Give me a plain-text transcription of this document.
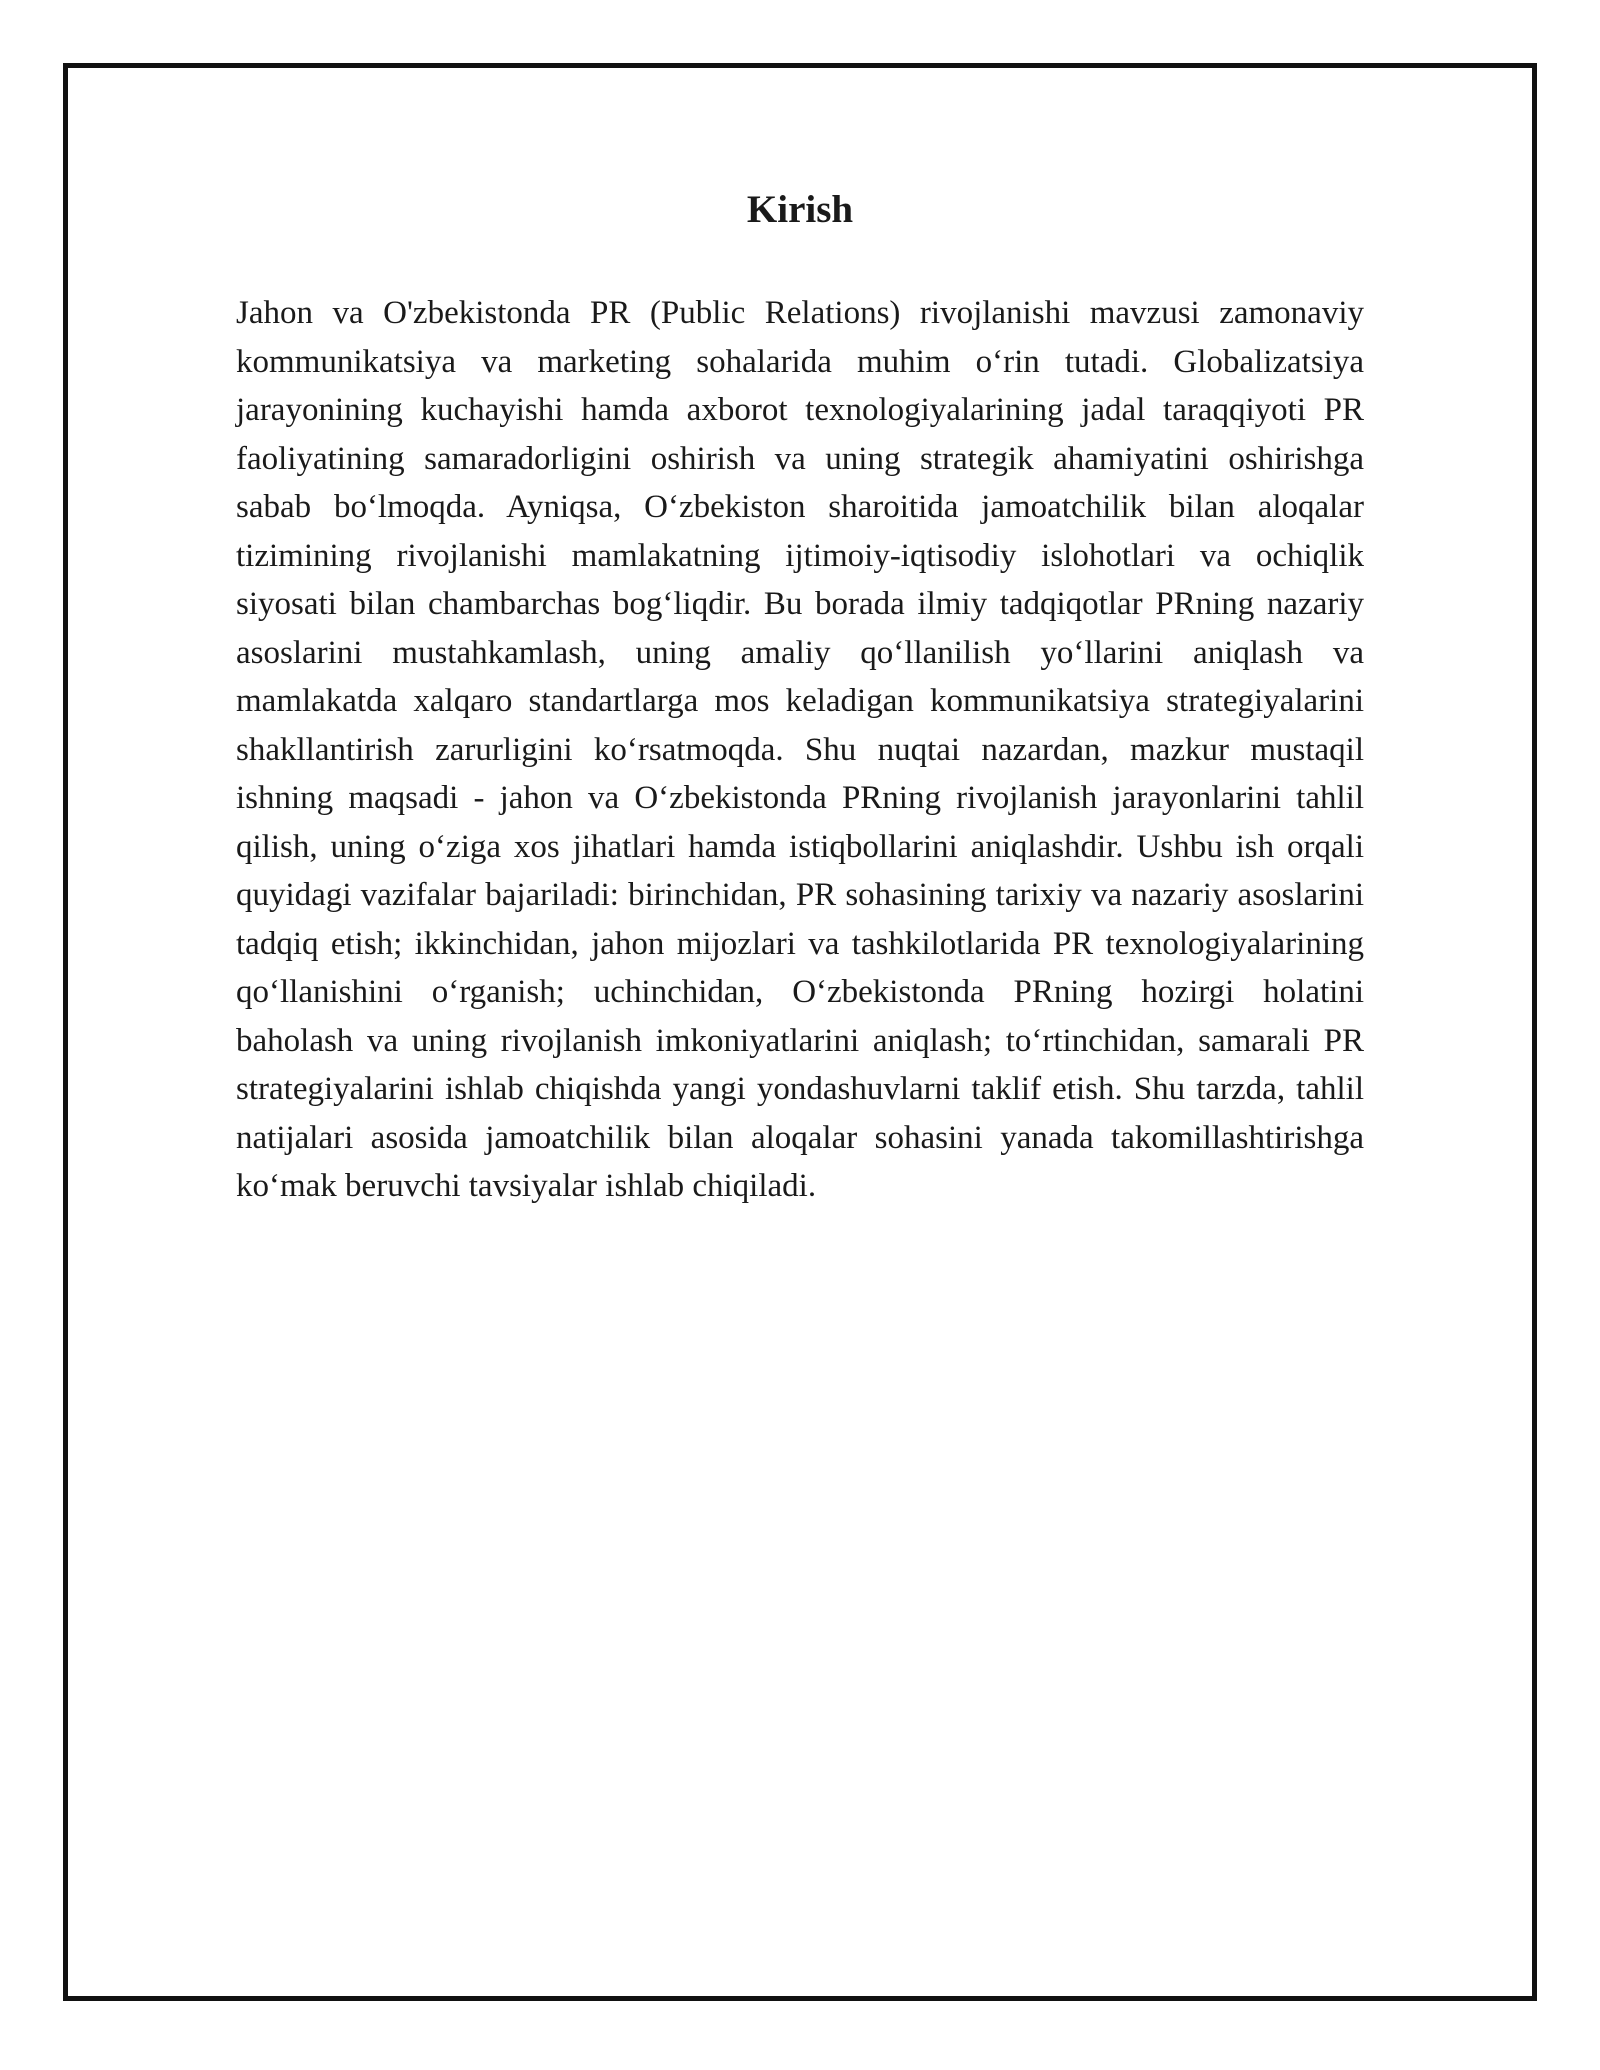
Kirish

Jahon va O'zbekistonda PR (Public Relations) rivojlanishi mavzusi zamonaviy kommunikatsiya va marketing sohalarida muhim oʻrin tutadi. Globalizatsiya jarayonining kuchayishi hamda axborot texnologiyalarining jadal taraqqiyoti PR faoliyatining samaradorligini oshirish va uning strategik ahamiyatini oshirishga sabab boʻlmoqda. Ayniqsa, Oʻzbekiston sharoitida jamoatchilik bilan aloqalar tizimining rivojlanishi mamlakatning ijtimoiy-iqtisodiy islohotlari va ochiqlik siyosati bilan chambarchas bogʻliqdir. Bu borada ilmiy tadqiqotlar PRning nazariy asoslarini mustahkamlash, uning amaliy qoʻllanilish yoʻllarini aniqlash va mamlakatda xalqaro standartlarga mos keladigan kommunikatsiya strategiyalarini shakllantirish zarurligini koʻrsatmoqda. Shu nuqtai nazardan, mazkur mustaqil ishning maqsadi - jahon va Oʻzbekistonda PRning rivojlanish jarayonlarini tahlil qilish, uning oʻziga xos jihatlari hamda istiqbollarini aniqlashdir. Ushbu ish orqali quyidagi vazifalar bajariladi: birinchidan, PR sohasining tarixiy va nazariy asoslarini tadqiq etish; ikkinchidan, jahon mijozlari va tashkilotlarida PR texnologiyalarining qoʻllanishini oʻrganish; uchinchidan, Oʻzbekistonda PRning hozirgi holatini baholash va uning rivojlanish imkoniyatlarini aniqlash; toʻrtinchidan, samarali PR strategiyalarini ishlab chiqishda yangi yondashuvlarni taklif etish. Shu tarzda, tahlil natijalari asosida jamoatchilik bilan aloqalar sohasini yanada takomillashtirishga koʻmak beruvchi tavsiyalar ishlab chiqiladi.
